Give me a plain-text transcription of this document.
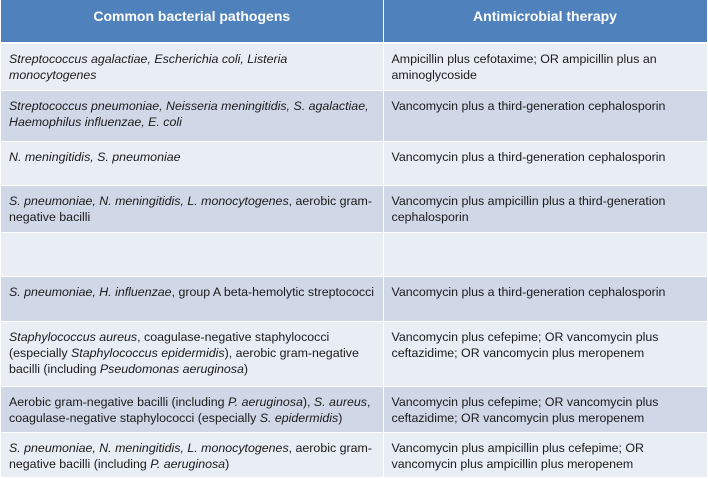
Common bacterial pathogens	Antimicrobial therapy

Streptococcus agalactiae, Escherichia coli, Listeria monocytogenes	Ampicillin plus cefotaxime; OR ampicillin plus an aminoglycoside
Streptococcus pneumoniae, Neisseria meningitidis, S. agalactiae, Haemophilus influenzae, E. coli	Vancomycin plus a third-generation cephalosporin
N. meningitidis, S. pneumoniae	Vancomycin plus a third-generation cephalosporin
S. pneumoniae, N. meningitidis, L. monocytogenes, aerobic gram-negative bacilli	Vancomycin plus ampicillin plus a third-generation cephalosporin

S. pneumoniae, H. influenzae, group A beta-hemolytic streptococci	Vancomycin plus a third-generation cephalosporin
Staphylococcus aureus, coagulase-negative staphylococci (especially Staphylococcus epidermidis), aerobic gram-negative bacilli (including Pseudomonas aeruginosa)	Vancomycin plus cefepime; OR vancomycin plus ceftazidime; OR vancomycin plus meropenem
Aerobic gram-negative bacilli (including P. aeruginosa), S. aureus, coagulase-negative staphylococci (especially S. epidermidis)	Vancomycin plus cefepime; OR vancomycin plus ceftazidime; OR vancomycin plus meropenem
S. pneumoniae, N. meningitidis, L. monocytogenes, aerobic gram-negative bacilli (including P. aeruginosa)	Vancomycin plus ampicillin plus cefepime; OR vancomycin plus ampicillin plus meropenem
